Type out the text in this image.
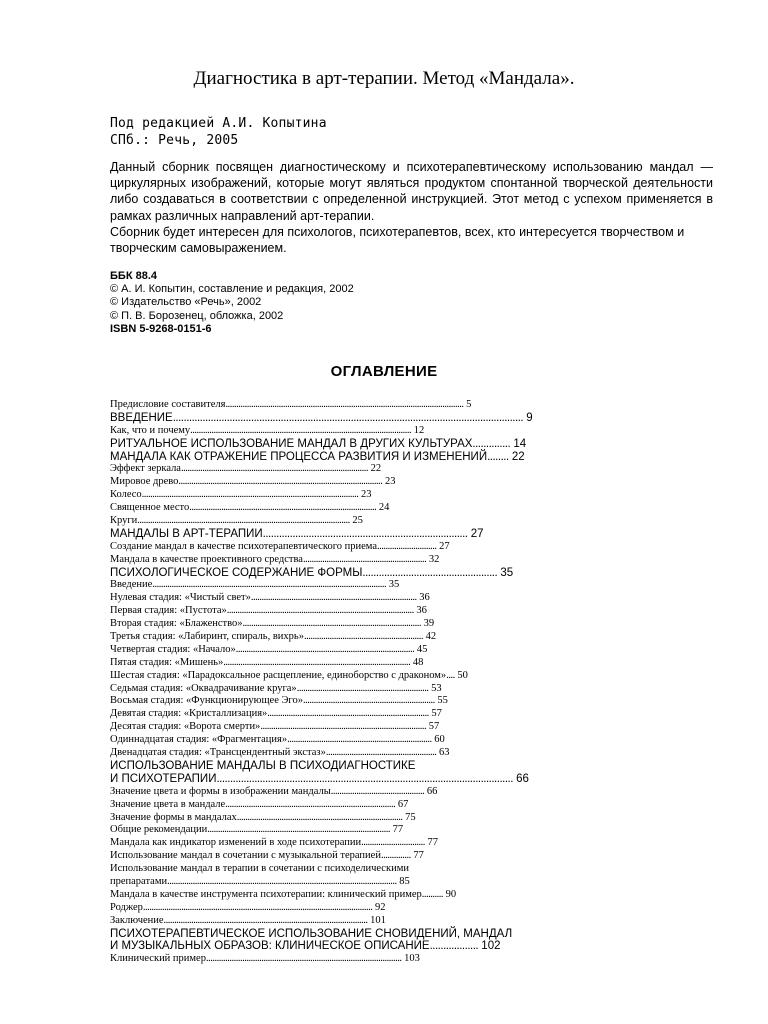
Диагностика в арт-терапии. Метод «Мандала».
Под редакцией А.И. Копытина
СПб.: Речь, 2005

Данный сборник посвящен диагностическому и психотерапевтическому использованию мандал — циркулярных изображений, которые могут являться продуктом спонтанной творческой деятельности либо создаваться в соответствии с определенной инструкцией. Этот метод с успехом применяется в рамках различных направлений арт-терапии.

Сборник будет интересен для психологов, психотерапевтов, всех, кто интересуется творчеством и творческим самовыражением.

ББК 88.4
© А. И. Копытин, составление и редакция, 2002
© Издательство «Речь», 2002
© П. В. Борозенец, обложка, 2002
ISBN 5-9268-0151-6
ОГЛАВЛЕНИЕ
Предисловие составителя................................................................................................................ 5
ВВЕДЕНИЕ.................................................................................................................................. 9
Как, что и почему........................................................................................................ 12
РИТУАЛЬНОЕ ИСПОЛЬЗОВАНИЕ МАНДАЛ В ДРУГИХ КУЛЬТУРАХ.............. 14
МАНДАЛА КАК ОТРАЖЕНИЕ ПРОЦЕССА РАЗВИТИЯ И ИЗМЕНЕНИЙ........ 22
Эффект зеркала........................................................................................ 22
Мировое древо................................................................................................ 23
Колесо...................................................................................................... 23
Священное место........................................................................................ 24
Круги.................................................................................................... 25
МАНДАЛЫ В АРТ-ТЕРАПИИ............................................................................ 27
Создание мандал в качестве психотерапевтического приема............................ 27
Мандала в качестве проективного средства.......................................................... 32
ПСИХОЛОГИЧЕСКОЕ СОДЕРЖАНИЕ ФОРМЫ.................................................. 35
Введение.............................................................................................................. 35
Нулевая стадия: «Чистый свет».............................................................................. 36
Первая стадия: «Пустота»........................................................................................ 36
Вторая стадия: «Блаженство».................................................................................... 39
Третья стадия: «Лабиринт, спираль, вихрь»........................................................ 42
Четвертая стадия: «Начало».................................................................................... 45
Пятая стадия: «Мишень»........................................................................................ 48
Шестая стадия: «Парадоксальное расщепление, единоборство с драконом».... 50
Седьмая стадия: «Оквадрачивание круга».............................................................. 53
Восьмая стадия: «Функционирующее Эго».............................................................. 55
Девятая стадия: «Кристаллизация»............................................................................ 57
Десятая стадия: «Ворота смерти».............................................................................. 57
Одиннадцатая стадия: «Фрагментация».................................................................... 60
Двенадцатая стадия: «Трансцендентный экстаз».................................................... 63
ИСПОЛЬЗОВАНИЕ МАНДАЛЫ В ПСИХОДИАГНОСТИКЕ
И ПСИХОТЕРАПИИ.............................................................................................................. 66
Значение цвета и формы в изображении мандалы............................................ 66
Значение цвета в мандале................................................................................ 67
Значение формы в мандалах.............................................................................. 75
Общие рекомендации...................................................................................... 77
Мандала как индикатор изменений в ходе психотерапии.............................. 77
Использование мандал в сочетании с музыкальной терапией.............. 77
Использование мандал в терапии в сочетании с психоделическими
препаратами............................................................................................................ 85
Мандала в качестве инструмента психотерапии: клинический пример.......... 90
Роджер............................................................................................................ 92
Заключение................................................................................................ 101
ПСИХОТЕРАПЕВТИЧЕСКОЕ ИСПОЛЬЗОВАНИЕ СНОВИДЕНИЙ, МАНДАЛ
И МУЗЫКАЛЬНЫХ ОБРАЗОВ: КЛИНИЧЕСКОЕ ОПИСАНИЕ.................. 102
Клинический пример............................................................................................ 103
